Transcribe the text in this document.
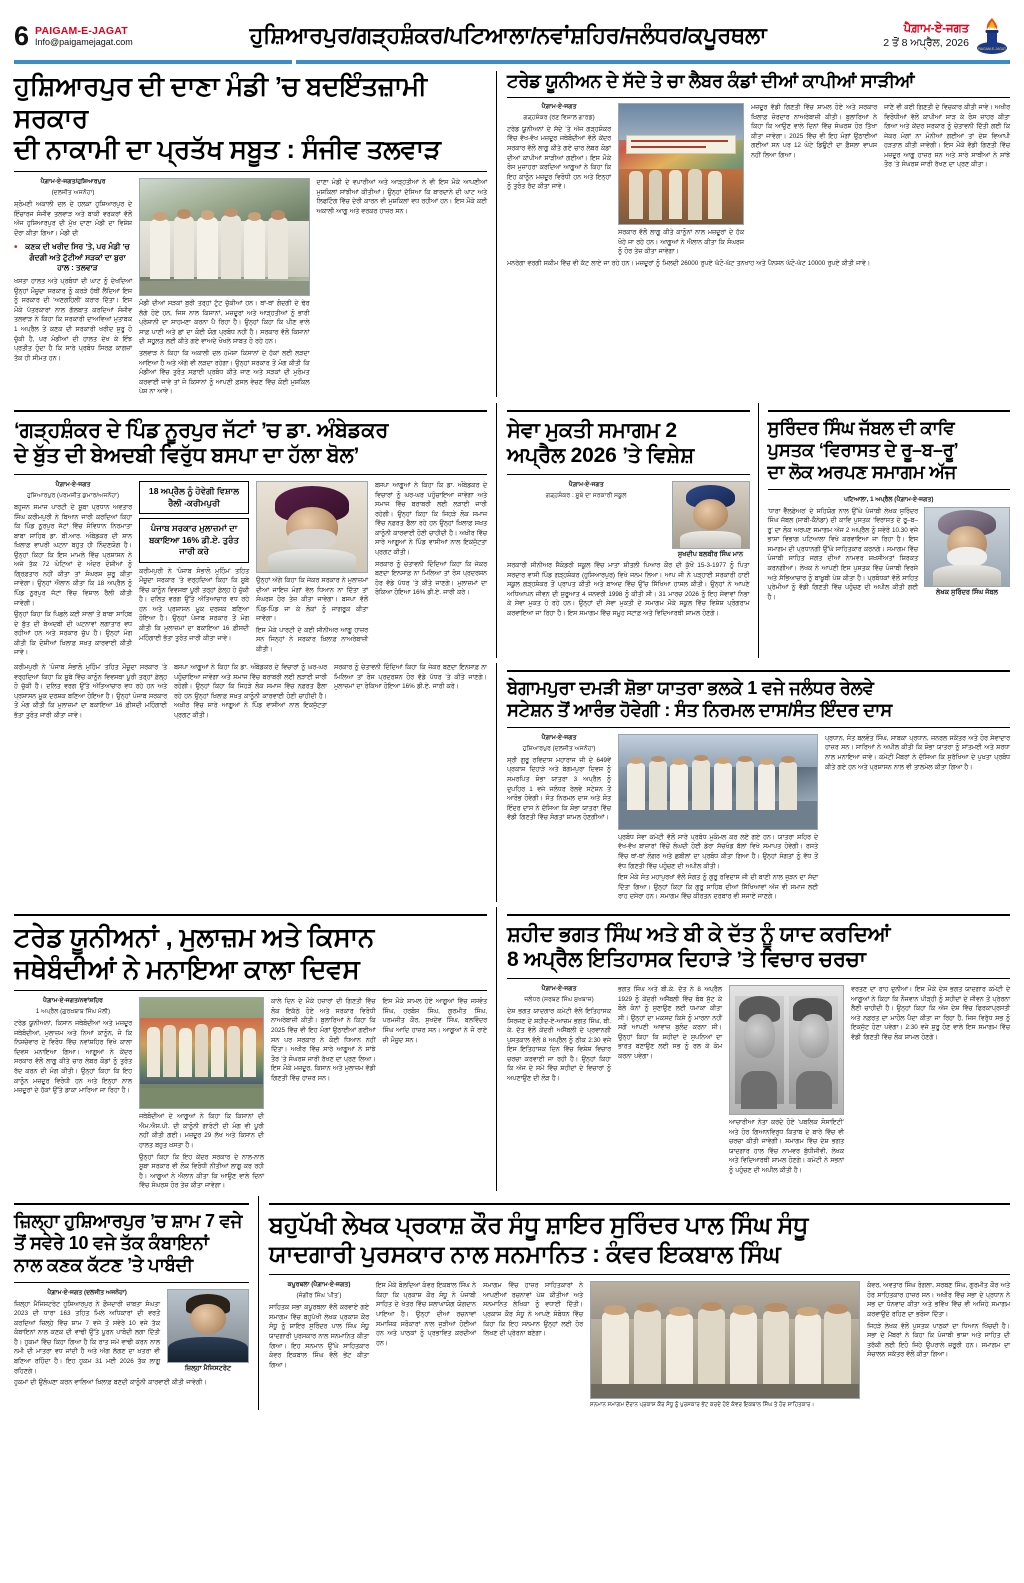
6 PAIGAM-E-JAGAT
Info@paigamejagat.com	ਹੁਸ਼ਿਆਰਪੁਰ/ਗੜ੍ਹਸ਼ੰਕਰ/ਪਟਿਆਲਾ/ਨਵਾਂਸ਼ਹਿਰ/ਜਲੰਧਰ/ਕਪੂਰਥਲਾ	ਪੈਗ਼ਾਮ-ਏ-ਜਗਤ
2 ਤੋਂ 8 ਅਪ੍ਰੈਲ, 2026
PAIGAM-E-JAGAT
ਹੁਸ਼ਿਆਰਪੁਰ ਦੀ ਦਾਣਾ ਮੰਡੀ ’ਚ ਬਦਇੰਤਜ਼ਾਮੀ ਸਰਕਾਰ
ਦੀ ਨਾਕਾਮੀ ਦਾ ਪ੍ਰਤੱਖ ਸਬੂਤ : ਸੰਜੀਵ ਤਲਵਾੜ
ਪੈਗ਼ਾਮ-ਏ-ਜਗਤ/ਹੁਸ਼ਿਆਰਪੁਰ
(ਦਲਜੀਤ ਅਜਨੋਹਾ)
ਸ਼੍ਰੋਮਣੀ ਅਕਾਲੀ ਦਲ ਦੇ ਹਲਕਾ ਹੁਸ਼ਿਆਰਪੁਰ ਦੇ ਇੰਚਾਰਜ ਸੰਜੀਵ ਤਲਵਾੜ ਅਤੇ ਬਾਕੀ ਵਰਕਰਾਂ ਵੱਲੋਂ ਅੱਜ ਹੁਸ਼ਿਆਰਪੁਰ ਦੀ ਮੁੱਖ ਦਾਣਾ ਮੰਡੀ ਦਾ ਵਿਸ਼ੇਸ਼ ਦੌਰਾ ਕੀਤਾ ਗਿਆ। ਮੰਡੀ ਦੀ
• ਕਣਕ ਦੀ ਖਰੀਦ ਸਿਰ ’ਤੇ, ਪਰ ਮੰਡੀ ’ਚ ਗੰਦਗੀ ਅਤੇ ਟੁੱਟੀਆਂ ਸੜਕਾਂ ਦਾ ਬੁਰਾ ਹਾਲ : ਤਲਵਾੜ
ਖਸਤਾ ਹਾਲਤ ਅਤੇ ਪ੍ਰਬੰਧਾਂ ਦੀ ਘਾਟ ਨੂੰ ਦੇਖਦਿਆਂ ਉਨ੍ਹਾਂ ਮੌਜੂਦਾ ਸਰਕਾਰ ਨੂੰ ਕਰੜੇ ਹੱਥੀਂ ਲੈਂਦਿਆਂ ਇਸ ਨੂੰ ਸਰਕਾਰ ਦੀ ‘ਅਣਗਹਿਲੀ’ ਕਰਾਰ ਦਿੱਤਾ। ਇਸ ਮੌਕੇ ਪੱਤਰਕਾਰਾਂ ਨਾਲ ਗੱਲਬਾਤ ਕਰਦਿਆਂ ਸੰਜੀਵ ਤਲਵਾੜ ਨੇ ਕਿਹਾ ਕਿ ਸਰਕਾਰੀ ਦਾਅਵਿਆਂ ਮੁਤਾਬਕ 1 ਅਪ੍ਰੈਲ ਤੋਂ ਕਣਕ ਦੀ ਸਰਕਾਰੀ ਖਰੀਦ ਸ਼ੁਰੂ ਹੋ ਚੁੱਕੀ ਹੈ, ਪਰ ਮੰਡੀਆਂ ਦੀ ਹਾਲਤ ਦੇਖ ਕੇ ਇੰਝ ਪ੍ਰਤੀਤ ਹੁੰਦਾ ਹੈ ਕਿ ਸਾਰੇ ਪ੍ਰਬੰਧ ਸਿਰਫ਼ ਕਾਗਜ਼ਾਂ ਤੱਕ ਹੀ ਸੀਮਤ ਹਨ।
ਮੰਡੀ ਦੀਆਂ ਸੜਕਾਂ ਬੁਰੀ ਤਰ੍ਹਾਂ ਟੁੱਟ ਚੁੱਕੀਆਂ ਹਨ। ਥਾਂ-ਥਾਂ ਗੰਦਗੀ ਦੇ ਢੇਰ ਲੱਗੇ ਹੋਏ ਹਨ, ਜਿਸ ਨਾਲ ਕਿਸਾਨਾਂ, ਮਜ਼ਦੂਰਾਂ ਅਤੇ ਆੜ੍ਹਤੀਆਂ ਨੂੰ ਭਾਰੀ ਪ੍ਰੇਸ਼ਾਨੀ ਦਾ ਸਾਹਮਣਾ ਕਰਨਾ ਪੈ ਰਿਹਾ ਹੈ। ਉਨ੍ਹਾਂ ਕਿਹਾ ਕਿ ਪੀਣ ਵਾਲੇ ਸਾਫ਼ ਪਾਣੀ ਅਤੇ ਛਾਂ ਦਾ ਕੋਈ ਯੋਗ ਪ੍ਰਬੰਧ ਨਹੀਂ ਹੈ। ਸਰਕਾਰ ਵੱਲੋਂ ਕਿਸਾਨਾਂ ਦੀ ਸਹੂਲਤ ਲਈ ਕੀਤੇ ਗਏ ਵਾਅਦੇ ਖੋਖਲੇ ਸਾਬਤ ਹੋ ਰਹੇ ਹਨ।
ਤਲਵਾੜ ਨੇ ਕਿਹਾ ਕਿ ਅਕਾਲੀ ਦਲ ਹਮੇਸ਼ਾ ਕਿਸਾਨਾਂ ਦੇ ਹੱਕਾਂ ਲਈ ਲੜਦਾ ਆਇਆ ਹੈ ਅਤੇ ਅੱਗੇ ਵੀ ਲੜਦਾ ਰਹੇਗਾ। ਉਨ੍ਹਾਂ ਸਰਕਾਰ ਤੋਂ ਮੰਗ ਕੀਤੀ ਕਿ ਮੰਡੀਆਂ ਵਿੱਚ ਤੁਰੰਤ ਸਫ਼ਾਈ ਪ੍ਰਬੰਧ ਕੀਤੇ ਜਾਣ ਅਤੇ ਸੜਕਾਂ ਦੀ ਮੁਰੰਮਤ ਕਰਵਾਈ ਜਾਵੇ ਤਾਂ ਜੋ ਕਿਸਾਨਾਂ ਨੂੰ ਆਪਣੀ ਫ਼ਸਲ ਵੇਚਣ ਵਿੱਚ ਕੋਈ ਮੁਸ਼ਕਿਲ ਪੇਸ਼ ਨਾ ਆਵੇ।
ਦਾਣਾ ਮੰਡੀ ਦੇ ਵਪਾਰੀਆਂ ਅਤੇ ਆੜ੍ਹਤੀਆਂ ਨੇ ਵੀ ਇਸ ਮੌਕੇ ਆਪਣੀਆਂ ਮੁਸ਼ਕਿਲਾਂ ਸਾਂਝੀਆਂ ਕੀਤੀਆਂ। ਉਨ੍ਹਾਂ ਦੱਸਿਆ ਕਿ ਬਾਰਦਾਨੇ ਦੀ ਘਾਟ ਅਤੇ ਲਿਫਟਿੰਗ ਵਿੱਚ ਦੇਰੀ ਕਾਰਨ ਵੀ ਮੁਸ਼ਕਿਲਾਂ ਵਧ ਰਹੀਆਂ ਹਨ। ਇਸ ਮੌਕੇ ਕਈ ਅਕਾਲੀ ਆਗੂ ਅਤੇ ਵਰਕਰ ਹਾਜ਼ਰ ਸਨ।
ਟਰੇਡ ਯੂਨੀਅਨ ਦੇ ਸੱਦੇ ਤੇ ਚਾ ਲੈਬਰ ਕੰਡਾਂ ਦੀਆਂ ਕਾਪੀਆਂ ਸਾੜੀਆਂ
ਪੈਗ਼ਾਮ-ਏ-ਜਗਤ
ਗੜ੍ਹਸ਼ੰਕਰ (ਰਣ ਵਿਸ਼ਾਲ ਗਾਰਡ)
ਟਰੇਡ ਯੂਨੀਅਨਾਂ ਦੇ ਸੱਦੇ ’ਤੇ ਅੱਜ ਗੜ੍ਹਸ਼ੰਕਰ ਵਿੱਚ ਵੱਖ-ਵੱਖ ਮਜ਼ਦੂਰ ਜਥੇਬੰਦੀਆਂ ਵੱਲੋਂ ਕੇਂਦਰ ਸਰਕਾਰ ਵੱਲੋਂ ਲਾਗੂ ਕੀਤੇ ਗਏ ਚਾਰ ਲੇਬਰ ਕੋਡਾਂ ਦੀਆਂ ਕਾਪੀਆਂ ਸਾੜੀਆਂ ਗਈਆਂ। ਇਸ ਮੌਕੇ ਰੋਸ ਮੁਜ਼ਾਹਰਾ ਕਰਦਿਆਂ ਆਗੂਆਂ ਨੇ ਕਿਹਾ ਕਿ ਇਹ ਕਾਨੂੰਨ ਮਜ਼ਦੂਰ ਵਿਰੋਧੀ ਹਨ ਅਤੇ ਇਨ੍ਹਾਂ ਨੂੰ ਤੁਰੰਤ ਰੱਦ ਕੀਤਾ ਜਾਵੇ।
ਸਰਕਾਰ ਵੱਲੋਂ ਲਾਗੂ ਕੀਤੇ ਕਾਨੂੰਨਾਂ ਨਾਲ ਮਜ਼ਦੂਰਾਂ ਦੇ ਹੱਕ ਖੋਹੇ ਜਾ ਰਹੇ ਹਨ। ਆਗੂਆਂ ਨੇ ਐਲਾਨ ਕੀਤਾ ਕਿ ਸੰਘਰਸ਼ ਨੂੰ ਹੋਰ ਤੇਜ਼ ਕੀਤਾ ਜਾਵੇਗਾ।
ਮਜ਼ਦੂਰ ਵੱਡੀ ਗਿਣਤੀ ਵਿੱਚ ਸ਼ਾਮਲ ਹੋਏ ਅਤੇ ਸਰਕਾਰ ਖ਼ਿਲਾਫ਼ ਜ਼ੋਰਦਾਰ ਨਾਅਰੇਬਾਜ਼ੀ ਕੀਤੀ। ਬੁਲਾਰਿਆਂ ਨੇ ਕਿਹਾ ਕਿ ਆਉਣ ਵਾਲੇ ਦਿਨਾਂ ਵਿੱਚ ਸੰਘਰਸ਼ ਹੋਰ ਤਿੱਖਾ ਕੀਤਾ ਜਾਵੇਗਾ। 2025 ਵਿੱਚ ਵੀ ਇਹ ਮੰਗਾਂ ਉਠਾਈਆਂ ਗਈਆਂ ਸਨ ਪਰ 12 ਘੰਟੇ ਡਿਊਟੀ ਦਾ ਫ਼ੈਸਲਾ ਵਾਪਸ ਨਹੀਂ ਲਿਆ ਗਿਆ।
ਜਾਣੇ ਵੀ ਕਈ ਗਿਣਤੀ ਦੇ ਵਿਚਕਾਰ ਕੀਤੀ ਜਾਵੇ। ਅਖੀਰ ਵਿਰੋਧੀਆਂ ਵੱਲੋਂ ਕਾਪੀਆਂ ਸਾੜ ਕੇ ਰੋਸ ਜ਼ਾਹਰ ਕੀਤਾ ਗਿਆ ਅਤੇ ਕੇਂਦਰ ਸਰਕਾਰ ਨੂੰ ਚੇਤਾਵਨੀ ਦਿੱਤੀ ਗਈ ਕਿ ਜੇਕਰ ਮੰਗਾਂ ਨਾ ਮੰਨੀਆਂ ਗਈਆਂ ਤਾਂ ਦੇਸ਼ ਵਿਆਪੀ ਹੜਤਾਲ ਕੀਤੀ ਜਾਵੇਗੀ। ਇਸ ਮੌਕੇ ਵੱਡੀ ਗਿਣਤੀ ਵਿੱਚ ਮਜ਼ਦੂਰ ਆਗੂ ਹਾਜ਼ਰ ਸਨ ਅਤੇ ਸਾਰੇ ਸਾਥੀਆਂ ਨੇ ਸਾਂਝੇ ਤੌਰ ’ਤੇ ਸੰਘਰਸ਼ ਜਾਰੀ ਰੱਖਣ ਦਾ ਪ੍ਰਣ ਕੀਤਾ।
ਮਨਰੇਗਾ ਵਰਗੀ ਸਕੀਮ ਵਿੱਚ ਵੀ ਕੱਟ ਲਾਏ ਜਾ ਰਹੇ ਹਨ। ਮਜ਼ਦੂਰਾਂ ਨੂੰ ਮਿਲਦੀ 26000 ਰੁਪਏ ਘੱਟੋ-ਘੱਟ ਤਨਖਾਹ ਅਤੇ ਪੈਨਸ਼ਨ ਘੱਟੋ-ਘੱਟ 10000 ਰੁਪਏ ਕੀਤੀ ਜਾਵੇ।
‘ਗੜ੍ਹਸ਼ੰਕਰ ਦੇ ਪਿੰਡ ਨੂਰਪੁਰ ਜੱਟਾਂ ’ਚ ਡਾ. ਅੰਬੇਡਕਰ
ਦੇ ਬੁੱਤ ਦੀ ਬੇਅਦਬੀ ਵਿਰੁੱਧ ਬਸਪਾ ਦਾ ਹੱਲਾ ਬੋਲ’
ਪੈਗ਼ਾਮ-ਏ-ਜਗਤ
ਹੁਸ਼ਿਆਰਪੁਰ (ਪਰਮਜੀਤ ਕੁਮਾਰ/ਅਜਨੋਹਾ)
ਬਹੁਜਨ ਸਮਾਜ ਪਾਰਟੀ ਦੇ ਸੂਬਾ ਪ੍ਰਧਾਨ ਅਵਤਾਰ ਸਿੰਘ ਕਰੀਮਪੁਰੀ ਨੇ ਬਿਆਨ ਜਾਰੀ ਕਰਦਿਆਂ ਕਿਹਾ ਕਿ ਪਿੰਡ ਨੂਰਪੁਰ ਜੱਟਾਂ ਵਿੱਚ ਸੰਵਿਧਾਨ ਨਿਰਮਾਤਾ ਬਾਬਾ ਸਾਹਿਬ ਡਾ. ਬੀ.ਆਰ. ਅੰਬੇਡਕਰ ਦੀ ਸ਼ਾਨ ਖ਼ਿਲਾਫ਼ ਵਾਪਰੀ ਘਟਨਾ ਬਹੁਤ ਹੀ ਨਿੰਦਣਯੋਗ ਹੈ। ਉਨ੍ਹਾਂ ਕਿਹਾ ਕਿ ਇਸ ਮਾਮਲੇ ਵਿੱਚ ਪ੍ਰਸ਼ਾਸਨ ਨੇ ਅਜੇ ਤੱਕ 72 ਘੰਟਿਆਂ ਦੇ ਅੰਦਰ ਦੋਸ਼ੀਆਂ ਨੂੰ ਗ੍ਰਿਫ਼ਤਾਰ ਨਹੀਂ ਕੀਤਾ ਤਾਂ ਸੰਘਰਸ਼ ਸ਼ੁਰੂ ਕੀਤਾ ਜਾਵੇਗਾ। ਉਨ੍ਹਾਂ ਐਲਾਨ ਕੀਤਾ ਕਿ 18 ਅਪ੍ਰੈਲ ਨੂੰ ਪਿੰਡ ਨੂਰਪੁਰ ਜੱਟਾਂ ਵਿੱਚ ਵਿਸ਼ਾਲ ਰੈਲੀ ਕੀਤੀ ਜਾਵੇਗੀ।
ਉਨ੍ਹਾਂ ਕਿਹਾ ਕਿ ਪਿਛਲੇ ਕਈ ਸਾਲਾਂ ਤੋਂ ਬਾਬਾ ਸਾਹਿਬ ਦੇ ਬੁੱਤ ਦੀ ਬੇਅਦਬੀ ਦੀ ਘਟਨਾਵਾਂ ਲਗਾਤਾਰ ਵਧ ਰਹੀਆਂ ਹਨ ਅਤੇ ਸਰਕਾਰ ਚੁੱਪ ਹੈ। ਉਨ੍ਹਾਂ ਮੰਗ ਕੀਤੀ ਕਿ ਦੋਸ਼ੀਆਂ ਖ਼ਿਲਾਫ਼ ਸਖ਼ਤ ਕਾਰਵਾਈ ਕੀਤੀ ਜਾਵੇ।
18 ਅਪ੍ਰੈਲ ਨੂੰ ਹੋਵੇਗੀ ਵਿਸ਼ਾਲ ਰੈਲੀ -ਕਰੀਮਪੁਰੀ
ਪੰਜਾਬ ਸਰਕਾਰ ਮੁਲਾਜ਼ਮਾਂ ਦਾ ਬਕਾਇਆ 16% ਡੀ.ਏ. ਤੁਰੰਤ ਜਾਰੀ ਕਰੇ
ਕਰੀਮਪੁਰੀ ਨੇ ‘ਪੰਜਾਬ ਸੰਭਾਲੋ ਮੁਹਿੰਮ’ ਤਹਿਤ ਮੌਜੂਦਾ ਸਰਕਾਰ ’ਤੇ ਵਰ੍ਹਦਿਆਂ ਕਿਹਾ ਕਿ ਸੂਬੇ ਵਿੱਚ ਕਾਨੂੰਨ ਵਿਵਸਥਾ ਪੂਰੀ ਤਰ੍ਹਾਂ ਫ਼ੇਲ੍ਹ ਹੋ ਚੁੱਕੀ ਹੈ। ਦਲਿਤ ਵਰਗ ਉੱਤੇ ਅੱਤਿਆਚਾਰ ਵਧ ਰਹੇ ਹਨ ਅਤੇ ਪ੍ਰਸ਼ਾਸਨ ਮੂਕ ਦਰਸ਼ਕ ਬਣਿਆ ਹੋਇਆ ਹੈ। ਉਨ੍ਹਾਂ ਪੰਜਾਬ ਸਰਕਾਰ ਤੋਂ ਮੰਗ ਕੀਤੀ ਕਿ ਮੁਲਾਜ਼ਮਾਂ ਦਾ ਬਕਾਇਆ 16 ਫ਼ੀਸਦੀ ਮਹਿੰਗਾਈ ਭੱਤਾ ਤੁਰੰਤ ਜਾਰੀ ਕੀਤਾ ਜਾਵੇ।
ਉਨ੍ਹਾਂ ਅੱਗੇ ਕਿਹਾ ਕਿ ਜੇਕਰ ਸਰਕਾਰ ਨੇ ਮੁਲਾਜ਼ਮਾਂ ਦੀਆਂ ਜਾਇਜ਼ ਮੰਗਾਂ ਵੱਲ ਧਿਆਨ ਨਾ ਦਿੱਤਾ ਤਾਂ ਸੰਘਰਸ਼ ਹੋਰ ਤੇਜ਼ ਕੀਤਾ ਜਾਵੇਗਾ। ਬਸਪਾ ਵੱਲੋਂ ਪਿੰਡ-ਪਿੰਡ ਜਾ ਕੇ ਲੋਕਾਂ ਨੂੰ ਜਾਗਰੂਕ ਕੀਤਾ ਜਾਵੇਗਾ।
ਇਸ ਮੌਕੇ ਪਾਰਟੀ ਦੇ ਕਈ ਸੀਨੀਅਰ ਆਗੂ ਹਾਜ਼ਰ ਸਨ ਜਿਨ੍ਹਾਂ ਨੇ ਸਰਕਾਰ ਖ਼ਿਲਾਫ਼ ਨਾਅਰੇਬਾਜ਼ੀ ਕੀਤੀ।
ਬਸਪਾ ਆਗੂਆਂ ਨੇ ਕਿਹਾ ਕਿ ਡਾ. ਅੰਬੇਡਕਰ ਦੇ ਵਿਚਾਰਾਂ ਨੂੰ ਘਰ-ਘਰ ਪਹੁੰਚਾਇਆ ਜਾਵੇਗਾ ਅਤੇ ਸਮਾਜ ਵਿੱਚ ਬਰਾਬਰੀ ਲਈ ਲੜਾਈ ਜਾਰੀ ਰਹੇਗੀ। ਉਨ੍ਹਾਂ ਕਿਹਾ ਕਿ ਜਿਹੜੇ ਲੋਕ ਸਮਾਜ ਵਿੱਚ ਨਫ਼ਰਤ ਫੈਲਾ ਰਹੇ ਹਨ ਉਨ੍ਹਾਂ ਖ਼ਿਲਾਫ਼ ਸਖ਼ਤ ਕਾਨੂੰਨੀ ਕਾਰਵਾਈ ਹੋਣੀ ਚਾਹੀਦੀ ਹੈ। ਅਖ਼ੀਰ ਵਿੱਚ ਸਾਰੇ ਆਗੂਆਂ ਨੇ ਪਿੰਡ ਵਾਸੀਆਂ ਨਾਲ ਇਕਜੁੱਟਤਾ ਪ੍ਰਗਟ ਕੀਤੀ।
ਸਰਕਾਰ ਨੂੰ ਚੇਤਾਵਨੀ ਦਿੰਦਿਆਂ ਕਿਹਾ ਕਿ ਜੇਕਰ ਬਣਦਾ ਇਨਸਾਫ਼ ਨਾ ਮਿਲਿਆ ਤਾਂ ਰੋਸ ਪ੍ਰਦਰਸ਼ਨ ਹੋਰ ਵੱਡੇ ਪੱਧਰ ’ਤੇ ਕੀਤੇ ਜਾਣਗੇ। ਮੁਲਾਜ਼ਮਾਂ ਦਾ ਰੋਕਿਆ ਹੋਇਆ 16% ਡੀ.ਏ. ਜਾਰੀ ਕਰੇ।
ਸੇਵਾ ਮੁਕਤੀ ਸਮਾਗਮ 2
ਅਪ੍ਰੈਲ 2026 ’ਤੇ ਵਿਸ਼ੇਸ਼
ਪੈਗ਼ਾਮ-ਏ-ਜਗਤ
ਗੜ੍ਹਸ਼ੰਕਰ : ਸੂਬੇ ਦਾ ਸਰਕਾਰੀ ਸਕੂਲ
ਸੁਖਦੀਪ ਬਲਬੀਰ ਸਿੰਘ ਮਾਨ
ਸਰਕਾਰੀ ਸੀਨੀਅਰ ਸੈਕੰਡਰੀ ਸਕੂਲ ਵਿੱਚ ਮਾਤਾ ਸ਼ੀਤਲੀ ਪਿਆਰ ਕੌਰ ਦੀ ਕੁੱਖੋਂ 15-3-1977 ਨੂੰ ਪਿਤਾ ਸਰਦਾਰ ਵਾਸੀ ਪਿੰਡ ਗੜ੍ਹਸ਼ੰਕਰ (ਹੁਸ਼ਿਆਰਪੁਰ) ਵਿਖੇ ਜਨਮ ਲਿਆ। ਆਪ ਜੀ ਨੇ ਪੜ੍ਹਾਈ ਸਰਕਾਰੀ ਹਾਈ ਸਕੂਲ ਗੜ੍ਹਸ਼ੰਕਰ ਤੋਂ ਪ੍ਰਾਪਤ ਕੀਤੀ ਅਤੇ ਬਾਅਦ ਵਿੱਚ ਉੱਚ ਸਿੱਖਿਆ ਹਾਸਲ ਕੀਤੀ। ਉਨ੍ਹਾਂ ਨੇ ਆਪਣੇ ਅਧਿਆਪਨ ਜੀਵਨ ਦੀ ਸ਼ੁਰੂਆਤ 4 ਜਨਵਰੀ 1998 ਨੂੰ ਕੀਤੀ ਸੀ। 31 ਮਾਰਚ 2026 ਨੂੰ ਇਹ ਸੇਵਾਵਾਂ ਨਿਭਾ ਕੇ ਸੇਵਾ ਮੁਕਤ ਹੋ ਰਹੇ ਹਨ। ਉਨ੍ਹਾਂ ਦੀ ਸੇਵਾ ਮੁਕਤੀ ਦੇ ਸਮਾਗਮ ਮੌਕੇ ਸਕੂਲ ਵਿੱਚ ਵਿਸ਼ੇਸ਼ ਪ੍ਰੋਗਰਾਮ ਕਰਵਾਇਆ ਜਾ ਰਿਹਾ ਹੈ। ਇਸ ਸਮਾਗਮ ਵਿੱਚ ਸਮੂਹ ਸਟਾਫ਼ ਅਤੇ ਵਿਦਿਆਰਥੀ ਸ਼ਾਮਲ ਹੋਣਗੇ।
ਸੁਰਿੰਦਰ ਸਿੰਘ ਜੱਬਲ ਦੀ ਕਾਵਿ
ਪੁਸਤਕ ‘ਵਿਰਾਸਤ ਦੇ ਰੂ–ਬ–ਰੂ’
ਦਾ ਲੋਕ ਅਰਪਣ ਸਮਾਗਮ ਅੱਜ
ਪਟਿਆਲਾ, 1 ਅਪ੍ਰੈਲ (ਪੈਗ਼ਾਮ-ਏ-ਜਗਤ)
‘ਧਾਰਾ ਵੈੱਲਫ਼ੇਅਰ’ ਦੇ ਸਹਿਯੋਗ ਨਾਲ ਉੱਘੇ ਪੰਜਾਬੀ ਲੇਖਕ ਸੁਰਿੰਦਰ ਸਿੰਘ ਜੱਬਲ (ਸਾਬੀ-ਕੈਨੇਡਾ) ਦੀ ਕਾਵਿ ਪੁਸਤਕ ‘ਵਿਰਾਸਤ ਦੇ ਰੂ–ਬ–ਰੂ’ ਦਾ ਲੋਕ ਅਰਪਣ ਸਮਾਗਮ ਅੱਜ 2 ਅਪ੍ਰੈਲ ਨੂੰ ਸਵੇਰੇ 10.30 ਵਜੇ ਭਾਸ਼ਾ ਵਿਭਾਗ ਪਟਿਆਲਾ ਵਿਖੇ ਕਰਵਾਇਆ ਜਾ ਰਿਹਾ ਹੈ। ਇਸ ਸਮਾਗਮ ਦੀ ਪ੍ਰਧਾਨਗੀ ਉੱਘੇ ਸਾਹਿਤਕਾਰ ਕਰਨਗੇ। ਸਮਾਗਮ ਵਿੱਚ ਪੰਜਾਬੀ ਸਾਹਿਤ ਜਗਤ ਦੀਆਂ ਨਾਮਵਰ ਸ਼ਖ਼ਸੀਅਤਾਂ ਸ਼ਿਰਕਤ ਕਰਨਗੀਆਂ। ਲੇਖਕ ਨੇ ਆਪਣੀ ਇਸ ਪੁਸਤਕ ਵਿੱਚ ਪੰਜਾਬੀ ਵਿਰਸੇ ਅਤੇ ਸੱਭਿਆਚਾਰ ਨੂੰ ਬਾਖ਼ੂਬੀ ਪੇਸ਼ ਕੀਤਾ ਹੈ। ਪ੍ਰਬੰਧਕਾਂ ਵੱਲੋਂ ਸਾਹਿਤ ਪ੍ਰੇਮੀਆਂ ਨੂੰ ਵੱਡੀ ਗਿਣਤੀ ਵਿੱਚ ਪਹੁੰਚਣ ਦੀ ਅਪੀਲ ਕੀਤੀ ਗਈ ਹੈ।
ਲੇਖਕ ਸੁਰਿੰਦਰ ਸਿੰਘ ਜੱਬਲ
ਕਰੀਮਪੁਰੀ ਨੇ ‘ਪੰਜਾਬ ਸੰਭਾਲੋ ਮੁਹਿੰਮ’ ਤਹਿਤ ਮੌਜੂਦਾ ਸਰਕਾਰ ’ਤੇ ਵਰ੍ਹਦਿਆਂ ਕਿਹਾ ਕਿ ਸੂਬੇ ਵਿੱਚ ਕਾਨੂੰਨ ਵਿਵਸਥਾ ਪੂਰੀ ਤਰ੍ਹਾਂ ਫ਼ੇਲ੍ਹ ਹੋ ਚੁੱਕੀ ਹੈ। ਦਲਿਤ ਵਰਗ ਉੱਤੇ ਅੱਤਿਆਚਾਰ ਵਧ ਰਹੇ ਹਨ ਅਤੇ ਪ੍ਰਸ਼ਾਸਨ ਮੂਕ ਦਰਸ਼ਕ ਬਣਿਆ ਹੋਇਆ ਹੈ। ਉਨ੍ਹਾਂ ਪੰਜਾਬ ਸਰਕਾਰ ਤੋਂ ਮੰਗ ਕੀਤੀ ਕਿ ਮੁਲਾਜ਼ਮਾਂ ਦਾ ਬਕਾਇਆ 16 ਫ਼ੀਸਦੀ ਮਹਿੰਗਾਈ ਭੱਤਾ ਤੁਰੰਤ ਜਾਰੀ ਕੀਤਾ ਜਾਵੇ।
ਬਸਪਾ ਆਗੂਆਂ ਨੇ ਕਿਹਾ ਕਿ ਡਾ. ਅੰਬੇਡਕਰ ਦੇ ਵਿਚਾਰਾਂ ਨੂੰ ਘਰ-ਘਰ ਪਹੁੰਚਾਇਆ ਜਾਵੇਗਾ ਅਤੇ ਸਮਾਜ ਵਿੱਚ ਬਰਾਬਰੀ ਲਈ ਲੜਾਈ ਜਾਰੀ ਰਹੇਗੀ। ਉਨ੍ਹਾਂ ਕਿਹਾ ਕਿ ਜਿਹੜੇ ਲੋਕ ਸਮਾਜ ਵਿੱਚ ਨਫ਼ਰਤ ਫੈਲਾ ਰਹੇ ਹਨ ਉਨ੍ਹਾਂ ਖ਼ਿਲਾਫ਼ ਸਖ਼ਤ ਕਾਨੂੰਨੀ ਕਾਰਵਾਈ ਹੋਣੀ ਚਾਹੀਦੀ ਹੈ। ਅਖ਼ੀਰ ਵਿੱਚ ਸਾਰੇ ਆਗੂਆਂ ਨੇ ਪਿੰਡ ਵਾਸੀਆਂ ਨਾਲ ਇਕਜੁੱਟਤਾ ਪ੍ਰਗਟ ਕੀਤੀ।
ਸਰਕਾਰ ਨੂੰ ਚੇਤਾਵਨੀ ਦਿੰਦਿਆਂ ਕਿਹਾ ਕਿ ਜੇਕਰ ਬਣਦਾ ਇਨਸਾਫ਼ ਨਾ ਮਿਲਿਆ ਤਾਂ ਰੋਸ ਪ੍ਰਦਰਸ਼ਨ ਹੋਰ ਵੱਡੇ ਪੱਧਰ ’ਤੇ ਕੀਤੇ ਜਾਣਗੇ। ਮੁਲਾਜ਼ਮਾਂ ਦਾ ਰੋਕਿਆ ਹੋਇਆ 16% ਡੀ.ਏ. ਜਾਰੀ ਕਰੇ।	ਬੇਗਾਮਪੁਰਾ ਦਮੜੀ ਸ਼ੋਭਾ ਯਾਤਰਾ ਭਲਕੇ 1 ਵਜੇ ਜਲੰਧਰ ਰੇਲਵੇ
ਸਟੇਸ਼ਨ ਤੋਂ ਆਰੰਭ ਹੋਵੇਗੀ : ਸੰਤ ਨਿਰਮਲ ਦਾਸ/ਸੰਤ ਇੰਦਰ ਦਾਸ
ਪੈਗ਼ਾਮ-ਏ-ਜਗਤ
ਹੁਸ਼ਿਆਰਪੁਰ (ਦਲਜੀਤ ਅਜਨੋਹਾ)
ਸ੍ਰੀ ਗੁਰੂ ਰਵਿਦਾਸ ਮਹਾਰਾਜ ਜੀ ਦੇ 649ਵੇਂ ਪ੍ਰਕਾਸ਼ ਦਿਹਾੜੇ ਅਤੇ ਬੇਗਮਪੁਰਾ ਦਿਵਸ ਨੂੰ ਸਮਰਪਿਤ ਸ਼ੋਭਾ ਯਾਤਰਾ 3 ਅਪ੍ਰੈਲ ਨੂੰ ਦੁਪਹਿਰ 1 ਵਜੇ ਜਲੰਧਰ ਰੇਲਵੇ ਸਟੇਸ਼ਨ ਤੋਂ ਆਰੰਭ ਹੋਵੇਗੀ। ਸੰਤ ਨਿਰਮਲ ਦਾਸ ਅਤੇ ਸੰਤ ਇੰਦਰ ਦਾਸ ਨੇ ਦੱਸਿਆ ਕਿ ਸ਼ੋਭਾ ਯਾਤਰਾ ਵਿੱਚ ਵੱਡੀ ਗਿਣਤੀ ਵਿੱਚ ਸੰਗਤਾਂ ਸ਼ਾਮਲ ਹੋਣਗੀਆਂ।
ਪ੍ਰਬੰਧ ਸੇਵਾ ਕਮੇਟੀ ਵੱਲੋਂ ਸਾਰੇ ਪ੍ਰਬੰਧ ਮੁਕੰਮਲ ਕਰ ਲਏ ਗਏ ਹਨ। ਯਾਤਰਾ ਸ਼ਹਿਰ ਦੇ ਵੱਖ-ਵੱਖ ਬਾਜ਼ਾਰਾਂ ਵਿੱਚੋਂ ਲੰਘਦੀ ਹੋਈ ਡੇਰਾ ਸੱਚਖੰਡ ਬੱਲਾਂ ਵਿਖੇ ਸਮਾਪਤ ਹੋਵੇਗੀ। ਰਸਤੇ ਵਿੱਚ ਥਾਂ-ਥਾਂ ਲੰਗਰ ਅਤੇ ਛਬੀਲਾਂ ਦਾ ਪ੍ਰਬੰਧ ਕੀਤਾ ਗਿਆ ਹੈ। ਉਨ੍ਹਾਂ ਸੰਗਤਾਂ ਨੂੰ ਵੱਧ ਤੋਂ ਵੱਧ ਗਿਣਤੀ ਵਿੱਚ ਪਹੁੰਚਣ ਦੀ ਅਪੀਲ ਕੀਤੀ।
ਇਸ ਮੌਕੇ ਸੰਤ ਮਹਾਪੁਰਖਾਂ ਵੱਲੋਂ ਸੰਗਤ ਨੂੰ ਗੁਰੂ ਰਵਿਦਾਸ ਜੀ ਦੀ ਬਾਣੀ ਨਾਲ ਜੁੜਨ ਦਾ ਸੱਦਾ ਦਿੱਤਾ ਗਿਆ। ਉਨ੍ਹਾਂ ਕਿਹਾ ਕਿ ਗੁਰੂ ਸਾਹਿਬ ਦੀਆਂ ਸਿੱਖਿਆਵਾਂ ਅੱਜ ਵੀ ਸਮਾਜ ਲਈ ਰਾਹ ਦਸੇਰਾ ਹਨ। ਸਮਾਗਮ ਵਿੱਚ ਕੀਰਤਨ ਦਰਬਾਰ ਵੀ ਸਜਾਏ ਜਾਣਗੇ।
ਪ੍ਰਧਾਨ, ਸੰਤ ਬਲਵੰਤ ਸਿੰਘ, ਸਾਬਕਾ ਪ੍ਰਧਾਨ, ਜਨਰਲ ਸਕੱਤਰ ਅਤੇ ਹੋਰ ਸੇਵਾਦਾਰ ਹਾਜ਼ਰ ਸਨ। ਸਾਰਿਆਂ ਨੇ ਅਪੀਲ ਕੀਤੀ ਕਿ ਸ਼ੋਭਾ ਯਾਤਰਾ ਨੂੰ ਸ਼ਾਂਤਮਈ ਅਤੇ ਸ਼ਰਧਾ ਨਾਲ ਮਨਾਇਆ ਜਾਵੇ। ਕਮੇਟੀ ਮੈਂਬਰਾਂ ਨੇ ਦੱਸਿਆ ਕਿ ਸੁਰੱਖਿਆ ਦੇ ਪੁਖ਼ਤਾ ਪ੍ਰਬੰਧ ਕੀਤੇ ਗਏ ਹਨ ਅਤੇ ਪ੍ਰਸ਼ਾਸਨ ਨਾਲ ਵੀ ਤਾਲਮੇਲ ਕੀਤਾ ਗਿਆ ਹੈ।
ਟਰੇਡ ਯੂਨੀਅਨਾਂ , ਮੁਲਾਜ਼ਮ ਅਤੇ ਕਿਸਾਨ
ਜਥੇਬੰਦੀਆਂ ਨੇ ਮਨਾਇਆ ਕਾਲਾ ਦਿਵਸ
ਪੈਗ਼ਾਮ-ਏ-ਜਗਤ/ਨਵਾਂਸ਼ਹਿਰ
1 ਅਪ੍ਰੈਲ (ਗੁਰਖ਼ਬਾਬ ਸਿੰਘ ਮੱਲੀ)
ਟਰੇਡ ਯੂਨੀਅਨਾਂ, ਕਿਸਾਨ ਜਥੇਬੰਦੀਆਂ ਅਤੇ ਮਜ਼ਦੂਰ ਜਥੇਬੰਦੀਆਂ, ਮੁਲਾਜ਼ਮ ਅਤੇ ਨਿਆਂ ਕਾਨੂੰਨ, ਜੋ ਕਿ ਨਿਸ਼ਚੇਵਾਰ ਦੇ ਵਿਰੋਧ ਵਿੱਚ ਨਵਾਂਸ਼ਹਿਰ ਵਿਖੇ ਕਾਲਾ ਦਿਵਸ ਮਨਾਇਆ ਗਿਆ। ਆਗੂਆਂ ਨੇ ਕੇਂਦਰ ਸਰਕਾਰ ਵੱਲੋਂ ਲਾਗੂ ਕੀਤੇ ਚਾਰ ਲੇਬਰ ਕੋਡਾਂ ਨੂੰ ਤੁਰੰਤ ਰੱਦ ਕਰਨ ਦੀ ਮੰਗ ਕੀਤੀ। ਉਨ੍ਹਾਂ ਕਿਹਾ ਕਿ ਇਹ ਕਾਨੂੰਨ ਮਜ਼ਦੂਰ ਵਿਰੋਧੀ ਹਨ ਅਤੇ ਇਨ੍ਹਾਂ ਨਾਲ ਮਜ਼ਦੂਰਾਂ ਦੇ ਹੱਕਾਂ ਉੱਤੇ ਡਾਕਾ ਮਾਰਿਆ ਜਾ ਰਿਹਾ ਹੈ।
ਜਥੇਬੰਦੀਆਂ ਦੇ ਆਗੂਆਂ ਨੇ ਕਿਹਾ ਕਿ ਕਿਸਾਨਾਂ ਦੀ ਐਮ.ਐਸ.ਪੀ. ਦੀ ਕਾਨੂੰਨੀ ਗਾਰੰਟੀ ਦੀ ਮੰਗ ਵੀ ਪੂਰੀ ਨਹੀਂ ਕੀਤੀ ਗਈ। ਮਜ਼ਦੂਰ 29 ਲੱਖ ਅਤੇ ਕਿਸਾਨ ਦੀ ਹਾਲਤ ਬਹੁਤ ਖ਼ਸਤਾ ਹੈ।
ਉਨ੍ਹਾਂ ਕਿਹਾ ਕਿ ਇਹ ਕੇਂਦਰ ਸਰਕਾਰ ਦੇ ਨਾਲ-ਨਾਲ ਸੂਬਾ ਸਰਕਾਰ ਵੀ ਲੋਕ ਵਿਰੋਧੀ ਨੀਤੀਆਂ ਲਾਗੂ ਕਰ ਰਹੀ ਹੈ। ਆਗੂਆਂ ਨੇ ਐਲਾਨ ਕੀਤਾ ਕਿ ਆਉਣ ਵਾਲੇ ਦਿਨਾਂ ਵਿੱਚ ਸੰਘਰਸ਼ ਹੋਰ ਤੇਜ਼ ਕੀਤਾ ਜਾਵੇਗਾ।
ਕਾਲੇ ਦਿਨ ਦੇ ਮੌਕੇ ਹਜ਼ਾਰਾਂ ਦੀ ਗਿਣਤੀ ਵਿੱਚ ਲੋਕ ਇਕੱਠੇ ਹੋਏ ਅਤੇ ਸਰਕਾਰ ਵਿਰੋਧੀ ਨਾਅਰੇਬਾਜ਼ੀ ਕੀਤੀ। ਬੁਲਾਰਿਆਂ ਨੇ ਕਿਹਾ ਕਿ 2025 ਵਿੱਚ ਵੀ ਇਹ ਮੰਗਾਂ ਉਠਾਈਆਂ ਗਈਆਂ ਸਨ ਪਰ ਸਰਕਾਰ ਨੇ ਕੋਈ ਧਿਆਨ ਨਹੀਂ ਦਿੱਤਾ। ਅਖੀਰ ਵਿੱਚ ਸਾਰੇ ਆਗੂਆਂ ਨੇ ਸਾਂਝੇ ਤੌਰ ’ਤੇ ਸੰਘਰਸ਼ ਜਾਰੀ ਰੱਖਣ ਦਾ ਪ੍ਰਣ ਲਿਆ। ਇਸ ਮੌਕੇ ਮਜ਼ਦੂਰ, ਕਿਸਾਨ ਅਤੇ ਮੁਲਾਜ਼ਮ ਵੱਡੀ ਗਿਣਤੀ ਵਿੱਚ ਹਾਜ਼ਰ ਸਨ।
ਇਸ ਮੌਕੇ ਸ਼ਾਮਲ ਹੋਏ ਆਗੂਆਂ ਵਿੱਚ ਜਸਵੰਤ ਸਿੰਘ, ਹਰਬੰਸ ਸਿੰਘ, ਗੁਰਮੀਤ ਸਿੰਘ, ਪਰਮਜੀਤ ਕੌਰ, ਸੁਖਦੇਵ ਸਿੰਘ, ਬਲਵਿੰਦਰ ਸਿੰਘ ਆਦਿ ਹਾਜ਼ਰ ਸਨ। ਆਗੂਆਂ ਨੇ ਜੋ ਰਾਏ ਜ਼ੀ ਮੌਜੂਦ ਸਨ।
ਸ਼ਹੀਦ ਭਗਤ ਸਿੰਘ ਅਤੇ ਬੀ ਕੇ ਦੱਤ ਨੂੰ ਯਾਦ ਕਰਦਿਆਂ
8 ਅਪ੍ਰੈਲ ਇਤਿਹਾਸਕ ਦਿਹਾੜੇ ’ਤੇ ਵਿਚਾਰ ਚਰਚਾ
ਪੈਗ਼ਾਮ-ਏ-ਜਗਤ
ਜਲੰਧਰ (ਸਰਬਣ ਸਿੰਘ ਸੁਖਬਾਜ਼)
ਦੇਸ਼ ਭਗਤ ਯਾਦਗਾਰ ਕਮੇਟੀ ਵੱਲੋਂ ਇਤਿਹਾਸਕ ਸਿਰਜਣ ਦੇ ਸ਼ਹੀਦ-ਏ-ਆਜ਼ਮ ਭਗਤ ਸਿੰਘ, ਬੀ. ਕੇ. ਦੱਤ ਵੱਲੋਂ ਕੇਂਦਰੀ ਅਸੈਂਬਲੀ ਦੇ ਪ੍ਰਵਾਨਗੀ ਪੁਸਤਕਾਲ ਵੱਲੋਂ 8 ਅਪ੍ਰੈਲ ਨੂੰ ਠੀਕ 2:30 ਵਜੇ ਇਸ ਇਤਿਹਾਸਕ ਦਿਨ ਵਿੱਚ ਵਿਸ਼ੇਸ਼ ਵਿਚਾਰ ਚਰਚਾ ਕਰਵਾਈ ਜਾ ਰਹੀ ਹੈ। ਉਨ੍ਹਾਂ ਕਿਹਾ ਕਿ ਅੱਜ ਦੇ ਸਮੇਂ ਵਿੱਚ ਸ਼ਹੀਦਾਂ ਦੇ ਵਿਚਾਰਾਂ ਨੂੰ ਅਪਣਾਉਣ ਦੀ ਲੋੜ ਹੈ।
ਭਗਤ ਸਿੰਘ ਅਤੇ ਬੀ.ਕੇ. ਦੱਤ ਨੇ 8 ਅਪ੍ਰੈਲ 1929 ਨੂੰ ਕੇਂਦਰੀ ਅਸੈਂਬਲੀ ਵਿੱਚ ਬੰਬ ਸੁੱਟ ਕੇ ਬੋਲੇ ਕੰਨਾਂ ਨੂੰ ਸੁਣਾਉਣ ਲਈ ਧਮਾਕਾ ਕੀਤਾ ਸੀ। ਉਨ੍ਹਾਂ ਦਾ ਮਕਸਦ ਕਿਸੇ ਨੂੰ ਮਾਰਨਾ ਨਹੀਂ ਸਗੋਂ ਆਪਣੀ ਆਵਾਜ਼ ਬੁਲੰਦ ਕਰਨਾ ਸੀ। ਉਨ੍ਹਾਂ ਕਿਹਾ ਕਿ ਸ਼ਹੀਦਾਂ ਦੇ ਸੁਪਨਿਆਂ ਦਾ ਭਾਰਤ ਬਣਾਉਣ ਲਈ ਸਭ ਨੂੰ ਰਲ ਕੇ ਕੰਮ ਕਰਨਾ ਪਵੇਗਾ।
ਆਚਾਰੀਆ ਨੇਤਾ ਕਰਦੇ ਹੋਏ ’ਪਬਲਿਕ ਸੋਸਾਇਟੀ’ ਅਤੇ ਹੋਰ ਗਿਆਨਵਿਰੁਧ ਕਿਤਾਬ ਦੇ ਬਾਰੇ ਵਿੱਚ ਵੀ ਚਰਚਾ ਕੀਤੀ ਜਾਵੇਗੀ। ਸਮਾਗਮ ਵਿੱਚ ਦੇਸ਼ ਭਗਤ ਯਾਦਗਾਰ ਹਾਲ ਵਿੱਚ ਨਾਮਵਰ ਬੁੱਧੀਜੀਵੀ, ਲੇਖਕ ਅਤੇ ਵਿਦਿਆਰਥੀ ਸ਼ਾਮਲ ਹੋਣਗੇ। ਕਮੇਟੀ ਨੇ ਸਭਨਾਂ ਨੂੰ ਪਹੁੰਚਣ ਦੀ ਅਪੀਲ ਕੀਤੀ ਹੈ।
ਵਰਤਣ ਦਾ ਰਾਹ ਦੁਨੀਆਂ। ਇਸ ਮੌਕੇ ਦੇਸ਼ ਭਗਤ ਯਾਦਗਾਰ ਕਮੇਟੀ ਦੇ ਆਗੂਆਂ ਨੇ ਕਿਹਾ ਕਿ ਨੌਜਵਾਨ ਪੀੜ੍ਹੀ ਨੂੰ ਸ਼ਹੀਦਾਂ ਦੇ ਜੀਵਨ ਤੋਂ ਪ੍ਰੇਰਨਾ ਲੈਣੀ ਚਾਹੀਦੀ ਹੈ। ਉਨ੍ਹਾਂ ਕਿਹਾ ਕਿ ਅੱਜ ਦੇਸ਼ ਵਿੱਚ ਫਿਰਕਾਪ੍ਰਸਤੀ ਅਤੇ ਨਫ਼ਰਤ ਦਾ ਮਾਹੌਲ ਪੈਦਾ ਕੀਤਾ ਜਾ ਰਿਹਾ ਹੈ, ਜਿਸ ਵਿਰੁੱਧ ਸਭ ਨੂੰ ਇਕਜੁੱਟ ਹੋਣਾ ਪਵੇਗਾ। 2:30 ਵਜੇ ਸ਼ੁਰੂ ਹੋਣ ਵਾਲੇ ਇਸ ਸਮਾਗਮ ਵਿੱਚ ਵੱਡੀ ਗਿਣਤੀ ਵਿੱਚ ਲੋਕ ਸ਼ਾਮਲ ਹੋਣਗੇ।
ਜ਼ਿਲ੍ਹਾ ਹੁਸ਼ਿਆਰਪੁਰ ’ਚ ਸ਼ਾਮ 7 ਵਜੇ
ਤੋਂ ਸਵੇਰੇ 10 ਵਜੇ ਤੱਕ ਕੰਬਾਇਨਾਂ
ਨਾਲ ਕਣਕ ਕੱਟਣ ’ਤੇ ਪਾਬੰਦੀ
ਪੈਗ਼ਾਮ-ਏ-ਜਗਤ (ਦਲਜੀਤ ਅਜਨੋਹਾ)
ਜ਼ਿਲ੍ਹਾ ਮੈਜਿਸਟਰੇਟ ਹੁਸ਼ਿਆਰਪੁਰ ਨੇ ਫ਼ੌਜਦਾਰੀ ਜ਼ਾਬਤਾ ਸੰਘਤਾ 2023 ਦੀ ਧਾਰਾ 163 ਤਹਿਤ ਮਿਲੇ ਅਧਿਕਾਰਾਂ ਦੀ ਵਰਤੋਂ ਕਰਦਿਆਂ ਜ਼ਿਲ੍ਹੇ ਵਿੱਚ ਸ਼ਾਮ 7 ਵਜੇ ਤੋਂ ਸਵੇਰੇ 10 ਵਜੇ ਤੱਕ ਕੰਬਾਇਨਾਂ ਨਾਲ ਕਣਕ ਦੀ ਵਾਢੀ ਉੱਤੇ ਪੂਰਨ ਪਾਬੰਦੀ ਲਗਾ ਦਿੱਤੀ ਹੈ। ਹੁਕਮਾਂ ਵਿੱਚ ਕਿਹਾ ਗਿਆ ਹੈ ਕਿ ਰਾਤ ਸਮੇਂ ਵਾਢੀ ਕਰਨ ਨਾਲ ਨਮੀ ਦੀ ਮਾਤਰਾ ਵਧ ਜਾਂਦੀ ਹੈ ਅਤੇ ਅੱਗ ਲੱਗਣ ਦਾ ਖ਼ਤਰਾ ਵੀ ਬਣਿਆ ਰਹਿੰਦਾ ਹੈ। ਇਹ ਹੁਕਮ 31 ਮਈ 2026 ਤੱਕ ਲਾਗੂ ਰਹਿਣਗੇ।	ਜ਼ਿਲ੍ਹਾ ਮੈਜਿਸਟਰੇਟ
ਹੁਕਮਾਂ ਦੀ ਉਲੰਘਣਾ ਕਰਨ ਵਾਲਿਆਂ ਖ਼ਿਲਾਫ਼ ਬਣਦੀ ਕਾਨੂੰਨੀ ਕਾਰਵਾਈ ਕੀਤੀ ਜਾਵੇਗੀ।
ਬਹੁਪੱਖੀ ਲੇਖਕ ਪ੍ਰਕਾਸ਼ ਕੌਰ ਸੰਧੂ ਸ਼ਾਇਰ ਸੁਰਿੰਦਰ ਪਾਲ ਸਿੰਘ ਸੰਧੂ
ਯਾਦਗਾਰੀ ਪੁਰਸਕਾਰ ਨਾਲ ਸਨਮਾਨਿਤ : ਕੰਵਰ ਇਕਬਾਲ ਸਿੰਘ
ਕਪੂਰਥਲਾ (ਪੈਗ਼ਾਮ-ਏ-ਜਗਤ)
(ਜੰਗੀਰ ਸਿੰਘ ‘ਪੀਤ’)
ਸਾਹਿਤਕ ਸਭਾ ਕਪੂਰਥਲਾ ਵੱਲੋਂ ਕਰਵਾਏ ਗਏ ਸਮਾਗਮ ਵਿੱਚ ਬਹੁਪੱਖੀ ਲੇਖਕ ਪ੍ਰਕਾਸ਼ ਕੌਰ ਸੰਧੂ ਨੂੰ ਸ਼ਾਇਰ ਸੁਰਿੰਦਰ ਪਾਲ ਸਿੰਘ ਸੰਧੂ ਯਾਦਗਾਰੀ ਪੁਰਸਕਾਰ ਨਾਲ ਸਨਮਾਨਿਤ ਕੀਤਾ ਗਿਆ। ਇਹ ਸਨਮਾਨ ਉੱਘੇ ਸਾਹਿਤਕਾਰ ਕੰਵਰ ਇਕਬਾਲ ਸਿੰਘ ਵੱਲੋਂ ਭੇਂਟ ਕੀਤਾ ਗਿਆ।
ਇਸ ਮੌਕੇ ਬੋਲਦਿਆਂ ਕੰਵਰ ਇਕਬਾਲ ਸਿੰਘ ਨੇ ਕਿਹਾ ਕਿ ਪ੍ਰਕਾਸ਼ ਕੌਰ ਸੰਧੂ ਨੇ ਪੰਜਾਬੀ ਸਾਹਿਤ ਦੇ ਖੇਤਰ ਵਿੱਚ ਸ਼ਲਾਘਾਯੋਗ ਯੋਗਦਾਨ ਪਾਇਆ ਹੈ। ਉਨ੍ਹਾਂ ਦੀਆਂ ਰਚਨਾਵਾਂ ਸਮਾਜਿਕ ਸਰੋਕਾਰਾਂ ਨਾਲ ਜੁੜੀਆਂ ਹੋਈਆਂ ਹਨ ਅਤੇ ਪਾਠਕਾਂ ਨੂੰ ਪ੍ਰਭਾਵਿਤ ਕਰਦੀਆਂ ਹਨ।
ਸਮਾਗਮ ਵਿੱਚ ਹਾਜ਼ਰ ਸਾਹਿਤਕਾਰਾਂ ਨੇ ਆਪਣੀਆਂ ਰਚਨਾਵਾਂ ਪੇਸ਼ ਕੀਤੀਆਂ ਅਤੇ ਸਨਮਾਨਿਤ ਲੇਖਿਕਾ ਨੂੰ ਵਧਾਈ ਦਿੱਤੀ। ਪ੍ਰਕਾਸ਼ ਕੌਰ ਸੰਧੂ ਨੇ ਆਪਣੇ ਸੰਬੋਧਨ ਵਿੱਚ ਕਿਹਾ ਕਿ ਇਹ ਸਨਮਾਨ ਉਨ੍ਹਾਂ ਲਈ ਹੋਰ ਲਿਖਣ ਦੀ ਪ੍ਰੇਰਨਾ ਬਣੇਗਾ।
ਸਨਮਾਨ ਸਮਾਗਮ ਦੌਰਾਨ ਪ੍ਰਕਾਸ਼ ਕੌਰ ਸੰਧੂ ਨੂੰ ਪੁਰਸਕਾਰ ਭੇਂਟ ਕਰਦੇ ਹੋਏ ਕੰਵਰ ਇਕਬਾਲ ਸਿੰਘ ਤੇ ਹੋਰ ਸਾਹਿਤਕਾਰ।
ਕੰਵਰ, ਅਵਤਾਰ ਸਿੰਘ ਰੰਗਲਾ, ਸਰਬਣ ਸਿੰਘ, ਗੁਰਮੀਤ ਕੌਰ ਅਤੇ ਹੋਰ ਸਾਹਿਤਕਾਰ ਹਾਜ਼ਰ ਸਨ। ਅਖੀਰ ਵਿੱਚ ਸਭਾ ਦੇ ਪ੍ਰਧਾਨ ਨੇ ਸਭ ਦਾ ਧੰਨਵਾਦ ਕੀਤਾ ਅਤੇ ਭਵਿੱਖ ਵਿੱਚ ਵੀ ਅਜਿਹੇ ਸਮਾਗਮ ਕਰਵਾਉਂਦੇ ਰਹਿਣ ਦਾ ਭਰੋਸਾ ਦਿੱਤਾ।
ਜਿਹੜੇ ਲੇਖਕ ਵੱਲੋਂ ਪੁਸਤਕ ਪਾਠਕਾਂ ਦਾ ਧਿਆਨ ਖਿੱਚਦੀ ਹੈ। ਸਭਾ ਦੇ ਮੈਂਬਰਾਂ ਨੇ ਕਿਹਾ ਕਿ ਪੰਜਾਬੀ ਭਾਸ਼ਾ ਅਤੇ ਸਾਹਿਤ ਦੀ ਤਰੱਕੀ ਲਈ ਇਹੋ ਜਿਹੇ ਉਪਰਾਲੇ ਜ਼ਰੂਰੀ ਹਨ। ਸਮਾਗਮ ਦਾ ਸੰਚਾਲਨ ਸਕੱਤਰ ਵੱਲੋਂ ਕੀਤਾ ਗਿਆ।
